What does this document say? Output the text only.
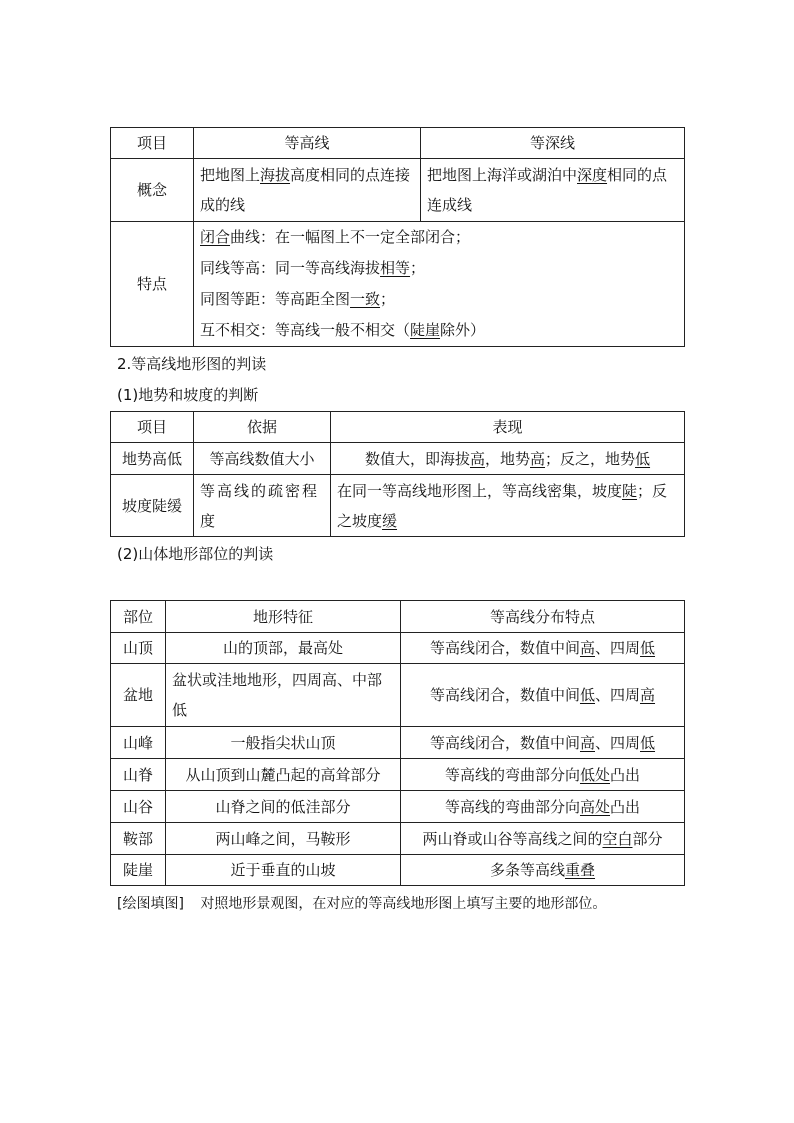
项目	等高线	等深线
概念	把地图上海拔高度相同的点连接成的线	把地图上海洋或湖泊中深度相同的点连成线
特点	闭合曲线：在一幅图上不一定全部闭合；
同线等高：同一等高线海拔相等；
同图等距：等高距全图一致；
互不相交：等高线一般不相交（陡崖除外）	
2.等高线地形图的判读
(1)地势和坡度的判断
项目	依据	表现
地势高低	等高线数值大小	数值大，即海拔高，地势高；反之，地势低
坡度陡缓	等高线的疏密程度	在同一等高线地形图上，等高线密集，坡度陡；反之坡度缓
(2)山体地形部位的判读
部位	地形特征	等高线分布特点
山顶	山的顶部，最高处	等高线闭合，数值中间高、四周低
盆地	盆状或洼地地形，四周高、中部低	等高线闭合，数值中间低、四周高
山峰	一般指尖状山顶	等高线闭合，数值中间高、四周低
山脊	从山顶到山麓凸起的高耸部分	等高线的弯曲部分向低处凸出
山谷	山脊之间的低洼部分	等高线的弯曲部分向高处凸出
鞍部	两山峰之间，马鞍形	两山脊或山谷等高线之间的空白部分
陡崖	近于垂直的山坡	多条等高线重叠
[绘图填图] 对照地形景观图，在对应的等高线地形图上填写主要的地形部位。
